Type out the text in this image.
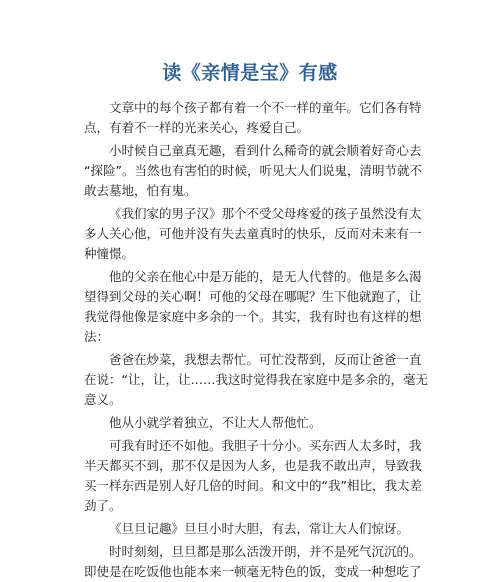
读《亲情是宝》有感
文章中的每个孩子都有着一个不一样的童年。它们各有特
点，有着不一样的光来关心，疼爱自己。
小时候自己童真无趣，看到什么稀奇的就会顺着好奇心去
“探险”。当然也有害怕的时候，听见大人们说鬼，清明节就不
敢去墓地，怕有鬼。
《我们家的男子汉》那个不受父母疼爱的孩子虽然没有太
多人关心他，可他并没有失去童真时的快乐，反而对未来有一
种憧憬。
他的父亲在他心中是万能的，是无人代替的。他是多么渴
望得到父母的关心啊！可他的父母在哪呢？生下他就跑了，让
我觉得他像是家庭中多余的一个。其实，我有时也有这样的想
法：
爸爸在炒菜，我想去帮忙。可忙没帮到，反而让爸爸一直
在说：“让，让，让……我这时觉得我在家庭中是多余的，毫无
意义。
他从小就学着独立，不让大人帮他忙。
可我有时还不如他。我胆子十分小。买东西人太多时，我
半天都买不到，那不仅是因为人多，也是我不敢出声，导致我
买一样东西是别人好几倍的时间。和文中的“我”相比，我太差
劲了。
《旦旦记趣》旦旦小时大胆，有去，常让大人们惊讶。
时时刻刻，旦旦都是那么活泼开朗，并不是死气沉沉的。
即使是在吃饭他也能本来一顿毫无特色的饭，变成一种想吃了
